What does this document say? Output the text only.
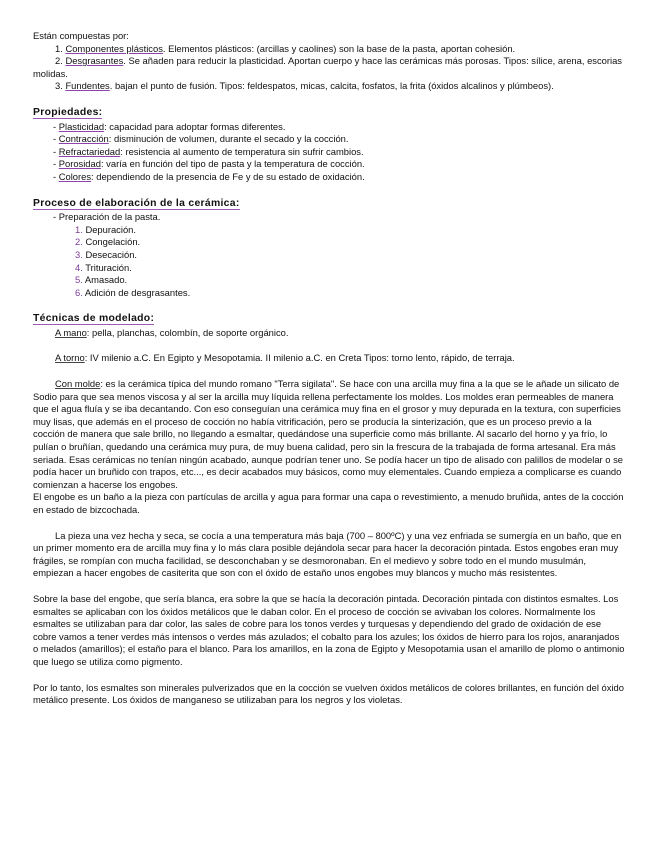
Están compuestas por:

1. Componentes plásticos. Elementos plásticos: (arcillas y caolines) son la base de la pasta, aportan cohesión.

2. Desgrasantes. Se añaden para reducir la plasticidad. Aportan cuerpo y hace las cerámicas más porosas. Tipos: sílice, arena, escorias molidas.

3. Fundentes. bajan el punto de fusión. Tipos: feldespatos, micas, calcita, fosfatos, la frita (óxidos alcalinos y plúmbeos).

Propiedades:

- Plasticidad: capacidad para adoptar formas diferentes.

- Contracción: disminución de volumen, durante el secado y la cocción.

- Refractariedad: resistencia al aumento de temperatura sin sufrir cambios.

- Porosidad: varía en función del tipo de pasta y la temperatura de cocción.

- Colores: dependiendo de la presencia de Fe y de su estado de oxidación.

Proceso de elaboración de la cerámica:

- Preparación de la pasta.

1. Depuración.

2. Congelación.

3. Desecación.

4. Trituración.

5. Amasado.

6. Adición de desgrasantes.

Técnicas de modelado:

A mano: pella, planchas, colombín, de soporte orgánico.

A torno: IV milenio a.C. En Egipto y Mesopotamia. II milenio a.C. en Creta Tipos: torno lento, rápido, de terraja.

Con molde: es la cerámica típica del mundo romano "Terra sigilata". Se hace con una arcilla muy fina a la que se le añade un silicato de Sodio para que sea menos viscosa y al ser la arcilla muy líquida rellena perfectamente los moldes. Los moldes eran permeables de manera que el agua fluía y se iba decantando. Con eso conseguían una cerámica muy fina en el grosor y muy depurada en la textura, con superficies muy lisas, que además en el proceso de cocción no había vitrificación, pero se producía la sinterización, que es un proceso previo a la cocción de manera que sale brillo, no llegando a esmaltar, quedándose una superficie como más brillante. Al sacarlo del horno y ya frío, lo pulían o bruñían, quedando una cerámica muy pura, de muy buena calidad, pero sin la frescura de la trabajada de forma artesanal. Era más seriada. Esas cerámicas no tenían ningún acabado, aunque podrían tener uno. Se podía hacer un tipo de alisado con palillos de modelar o se podía hacer un bruñido con trapos, etc..., es decir acabados muy básicos, como muy elementales. Cuando empieza a complicarse es cuando comienzan a hacerse los engobes.

El engobe es un baño a la pieza con partículas de arcilla y agua para formar una capa o revestimiento, a menudo bruñida, antes de la cocción en estado de bizcochada.

La pieza una vez hecha y seca, se cocía a una temperatura más baja (700 – 800ºC) y una vez enfriada se sumergía en un baño, que en un primer momento era de arcilla muy fina y lo más clara posible dejándola secar para hacer la decoración pintada. Estos engobes eran muy frágiles, se rompían con mucha facilidad, se desconchaban y se desmoronaban. En el medievo y sobre todo en el mundo musulmán, empiezan a hacer engobes de casiterita que son con el óxido de estaño unos engobes muy blancos y mucho más resistentes.

Sobre la base del engobe, que sería blanca, era sobre la que se hacía la decoración pintada. Decoración pintada con distintos esmaltes. Los esmaltes se aplicaban con los óxidos metálicos que le daban color. En el proceso de cocción se avivaban los colores. Normalmente los esmaltes se utilizaban para dar color, las sales de cobre para los tonos verdes y turquesas y dependiendo del grado de oxidación de ese cobre vamos a tener verdes más intensos o verdes más azulados; el cobalto para los azules; los óxidos de hierro para los rojos, anaranjados o melados (amarillos); el estaño para el blanco. Para los amarillos, en la zona de Egipto y Mesopotamia usan el amarillo de plomo o antimonio que luego se utiliza como pigmento.

Por lo tanto, los esmaltes son minerales pulverizados que en la cocción se vuelven óxidos metálicos de colores brillantes, en función del óxido metálico presente. Los óxidos de manganeso se utilizaban para los negros y los violetas.
